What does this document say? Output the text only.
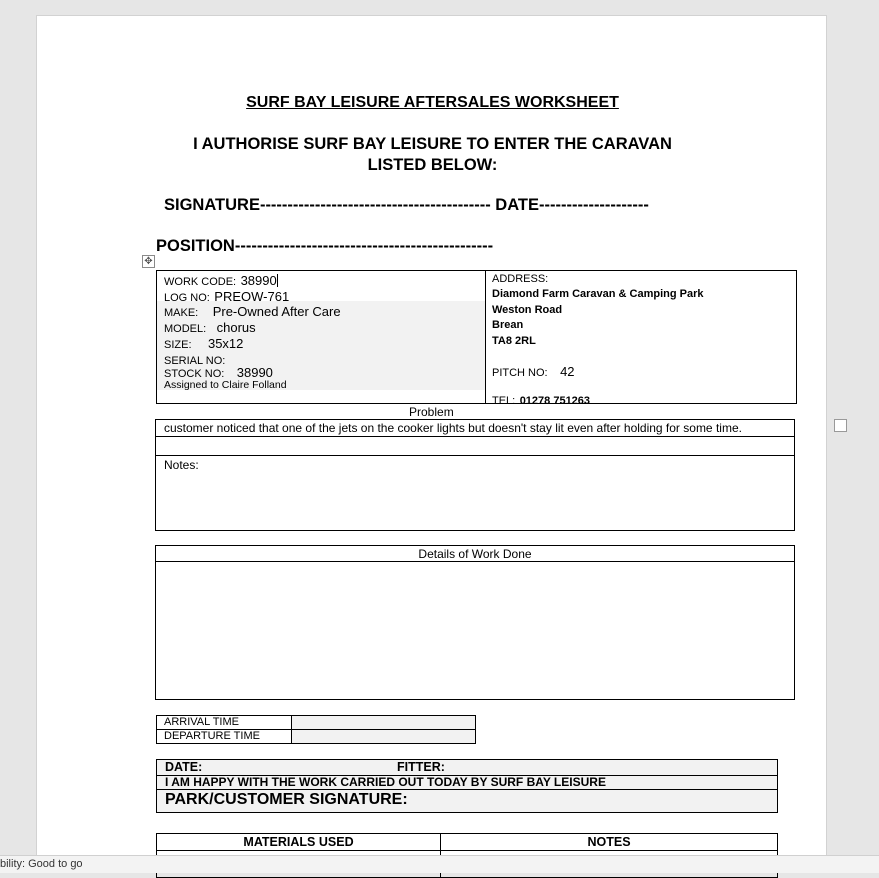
SURF BAY LEISURE AFTERSALES WORKSHEET
I AUTHORISE SURF BAY LEISURE TO ENTER THE CARAVAN
LISTED BELOW:
SIGNATURE------------------------------------------ DATE--------------------
POSITION-----------------------------------------------
✥
WORK CODE: 38990
LOG NO: PREOW-761
MAKE: Pre-Owned After Care
MODEL: chorus
SIZE: 35x12
SERIAL NO:
STOCK NO: 38990
Assigned to Claire Folland
ADDRESS:
Diamond Farm Caravan & Camping Park
Weston Road
Brean
TA8 2RL
PITCH NO: 42
TEL: 01278 751263
Problem
customer noticed that one of the jets on the cooker lights but doesn't stay lit even after holding for some time.
Notes:
Details of Work Done
ARRIVAL TIME
DEPARTURE TIME
DATE:	FITTER:
I AM HAPPY WITH THE WORK CARRIED OUT TODAY BY SURF BAY LEISURE
PARK/CUSTOMER SIGNATURE:
MATERIALS USED	NOTES
bility: Good to go
